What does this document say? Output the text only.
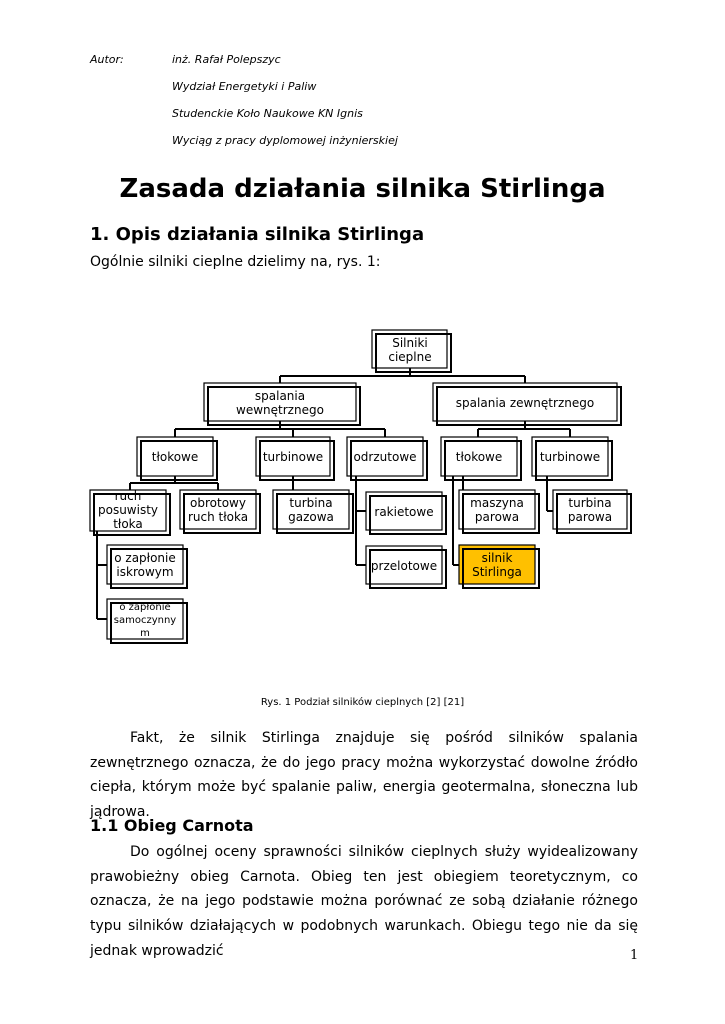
Autor:	inż. Rafał Polepszyc
Wydział Energetyki i Paliw
Studenckie Koło Naukowe KN Ignis
Wyciąg z pracy dyplomowej inżynierskiej
Zasada działania silnika Stirlinga
1. Opis działania silnika Stirlinga

Ogólnie silniki cieplne dzielimy na, rys. 1:

Silniki
cieplne
spalania
wewnętrznego	spalania zewnętrznego
tłokowe	turbinowe	odrzutowe	tłokowe	turbinowe
ruch
posuwisty
tłoka
obrotowy
ruch tłoka
turbina
gazowa	rakietowe
maszyna
parowa
turbina
parowa
o zapłonie
iskrowym	przelotowe
silnik
Stirlinga
o zapłonie
samoczynny
m

Rys. 1 Podział silników cieplnych [2] [21]

Fakt, że silnik Stirlinga znajduje się pośród silników spalania zewnętrznego oznacza, że do jego pracy można wykorzystać dowolne źródło ciepła, którym może być spalanie paliw, energia geotermalna, słoneczna lub jądrowa.

1.1 Obieg Carnota

Do ogólnej oceny sprawności silników cieplnych służy wyidealizowany prawobieżny obieg Carnota. Obieg ten jest obiegiem teoretycznym, co oznacza, że na jego podstawie można porównać ze sobą działanie różnego typu silników działających w podobnych warunkach. Obiegu tego nie da się jednak wprowadzić	1
